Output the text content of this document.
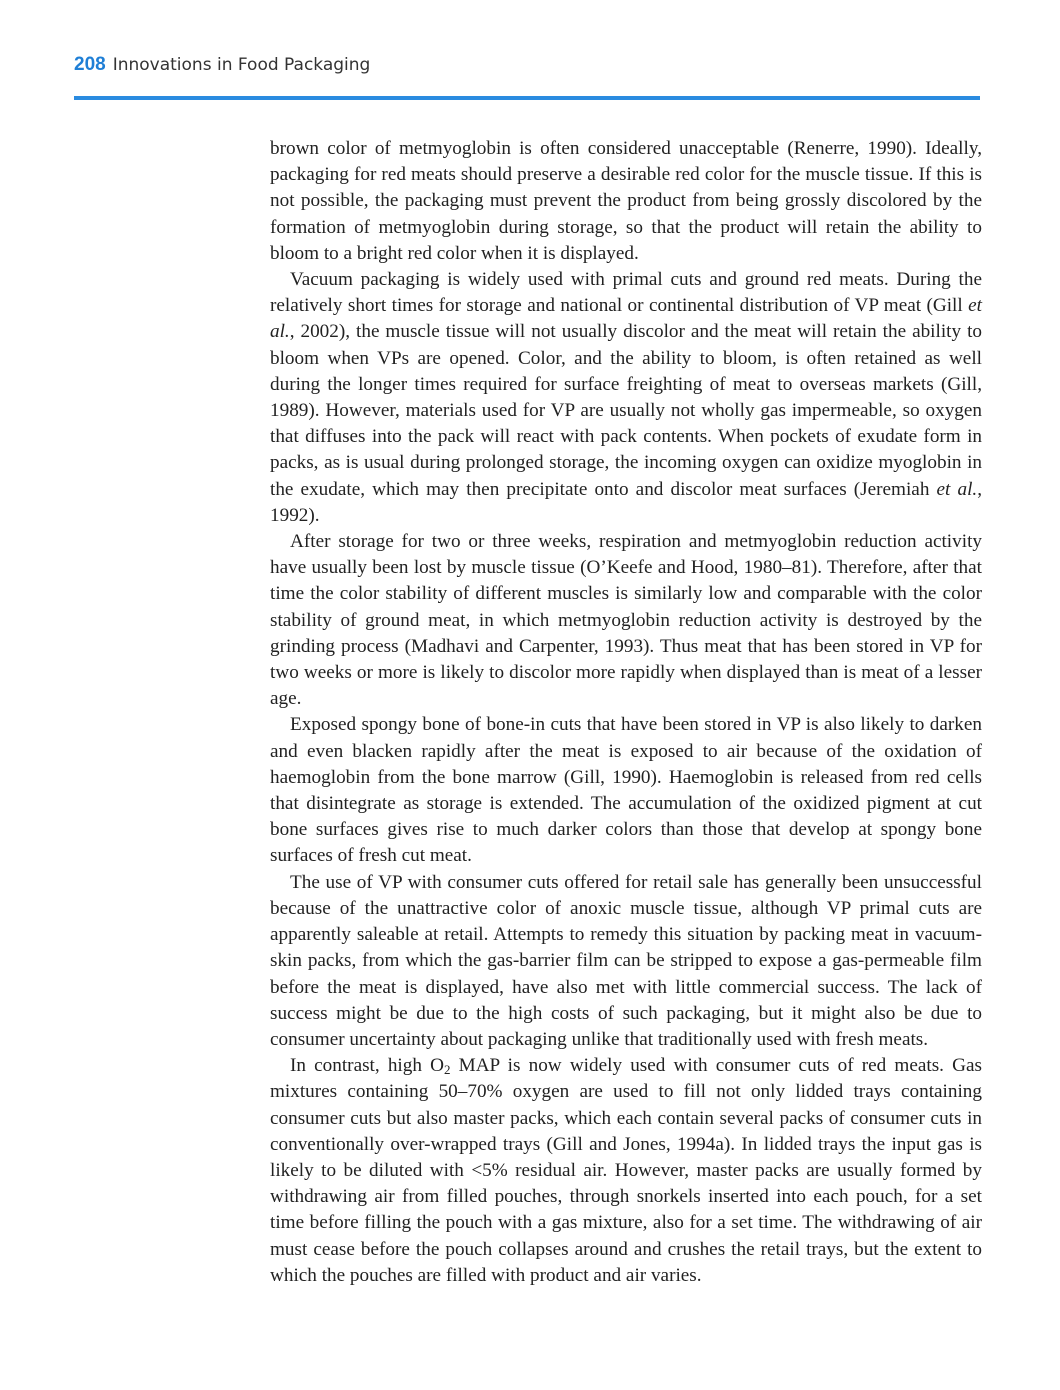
208 Innovations in Food Packaging

brown color of metmyoglobin is often considered unacceptable (Renerre, 1990). Ideally, packaging for red meats should preserve a desirable red color for the muscle tissue. If this is not possible, the packaging must prevent the product from being grossly discolored by the formation of metmyoglobin during storage, so that the product will retain the ability to bloom to a bright red color when it is displayed.

Vacuum packaging is widely used with primal cuts and ground red meats. During the relatively short times for storage and national or continental distribution of VP meat (Gill et al., 2002), the muscle tissue will not usually discolor and the meat will retain the ability to bloom when VPs are opened. Color, and the ability to bloom, is often retained as well during the longer times required for surface freighting of meat to overseas markets (Gill, 1989). However, materials used for VP are usually not wholly gas impermeable, so oxygen that diffuses into the pack will react with pack contents. When pockets of exudate form in packs, as is usual during prolonged storage, the incoming oxygen can oxidize myoglobin in the exudate, which may then precipitate onto and discolor meat surfaces (Jeremiah et al., 1992).

After storage for two or three weeks, respiration and metmyoglobin reduction activity have usually been lost by muscle tissue (O’Keefe and Hood, 1980–81). Therefore, after that time the color stability of different muscles is similarly low and comparable with the color stability of ground meat, in which metmyoglobin reduction activity is destroyed by the grinding process (Madhavi and Carpenter, 1993). Thus meat that has been stored in VP for two weeks or more is likely to discolor more rapidly when displayed than is meat of a lesser age.

Exposed spongy bone of bone-in cuts that have been stored in VP is also likely to darken and even blacken rapidly after the meat is exposed to air because of the oxidation of haemoglobin from the bone marrow (Gill, 1990). Haemoglobin is released from red cells that disintegrate as storage is extended. The accumulation of the oxidized pigment at cut bone surfaces gives rise to much darker colors than those that develop at spongy bone surfaces of fresh cut meat.

The use of VP with consumer cuts offered for retail sale has generally been unsuccessful because of the unattractive color of anoxic muscle tissue, although VP primal cuts are apparently saleable at retail. Attempts to remedy this situation by packing meat in vacuum-skin packs, from which the gas-barrier film can be stripped to expose a gas-permeable film before the meat is displayed, have also met with little commercial success. The lack of success might be due to the high costs of such packaging, but it might also be due to consumer uncertainty about packaging unlike that traditionally used with fresh meats.

In contrast, high $O_2$ MAP is now widely used with consumer cuts of red meats. Gas mixtures containing 50–70% oxygen are used to fill not only lidded trays containing consumer cuts but also master packs, which each contain several packs of consumer cuts in conventionally over-wrapped trays (Gill and Jones, 1994a). In lidded trays the input gas is likely to be diluted with <5% residual air. However, master packs are usually formed by withdrawing air from filled pouches, through snorkels inserted into each pouch, for a set time before filling the pouch with a gas mixture, also for a set time. The withdrawing of air must cease before the pouch collapses around and crushes the retail trays, but the extent to which the pouches are filled with product and air varies.
